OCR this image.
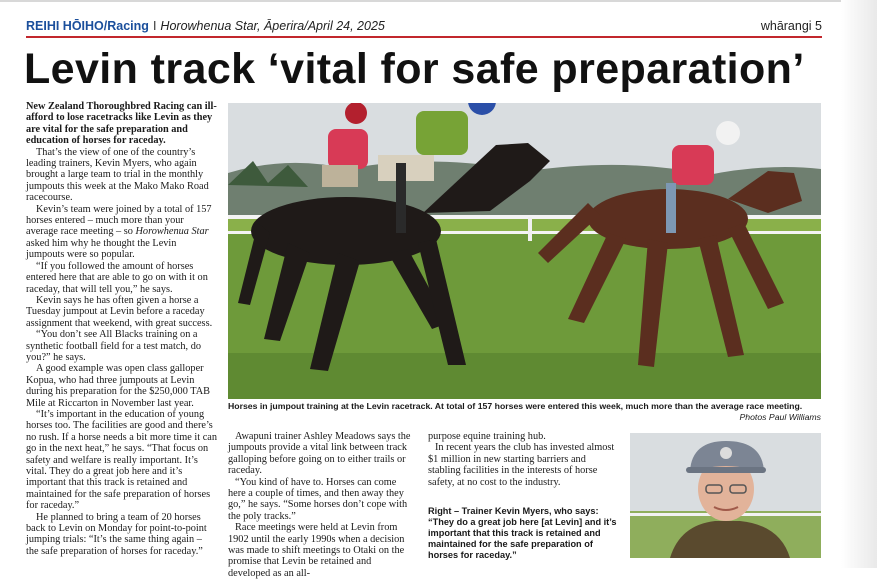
REIHI HŌIHO/Racing I Horowhenua Star, Āperira/April 24, 2025	whārangi 5
Levin track ‘vital for safe preparation’

New Zealand Thoroughbred Racing can ill-afford to lose racetracks like Levin as they are vital for the safe preparation and education of horses for raceday.

That’s the view of one of the country’s leading trainers, Kevin Myers, who again brought a large team to trial in the monthly jumpouts this week at the Mako Mako Road racecourse.

Kevin’s team were joined by a total of 157 horses entered – much more than your average race meeting – so Horowhenua Star asked him why he thought the Levin jumpouts were so popular.

“If you followed the amount of horses entered here that are able to go on with it on raceday, that will tell you,” he says.

Kevin says he has often given a horse a Tuesday jumpout at Levin before a raceday assignment that weekend, with great success.

“You don’t see All Blacks training on a synthetic football field for a test match, do you?” he says.

A good example was open class galloper Kopua, who had three jumpouts at Levin during his preparation for the $250,000 TAB Mile at Riccarton in November last year.

“It’s important in the education of young horses too. The facilities are good and there’s no rush. If a horse needs a bit more time it can go in the next heat,” he says. “That focus on safety and welfare is really important. It’s vital. They do a great job here and it’s important that this track is retained and maintained for the safe preparation of horses for raceday.”

He planned to bring a team of 20 horses back to Levin on Monday for point-to-point jumping trials: “It’s the same thing again – the safe preparation of horses for raceday.”

Horses in jumpout training at the Levin racetrack. At total of 157 horses were entered this week, much more than the average race meeting.
Photos Paul Williams

Awapuni trainer Ashley Meadows says the jumpouts provide a vital link between track galloping before going on to either trails or raceday.

“You kind of have to. Horses can come here a couple of times, and then away they go,” he says. “Some horses don’t cope with the poly tracks.”

Race meetings were held at Levin from 1902 until the early 1990s when a decision was made to shift meetings to Otaki on the promise that Levin be retained and developed as an all-

purpose equine training hub.

In recent years the club has invested almost $1 million in new starting barriers and stabling facilities in the interests of horse safety, at no cost to the industry.

Right – Trainer Kevin Myers, who says: “They do a great job here [at Levin] and it’s important that this track is retained and maintained for the safe preparation of horses for raceday.”
